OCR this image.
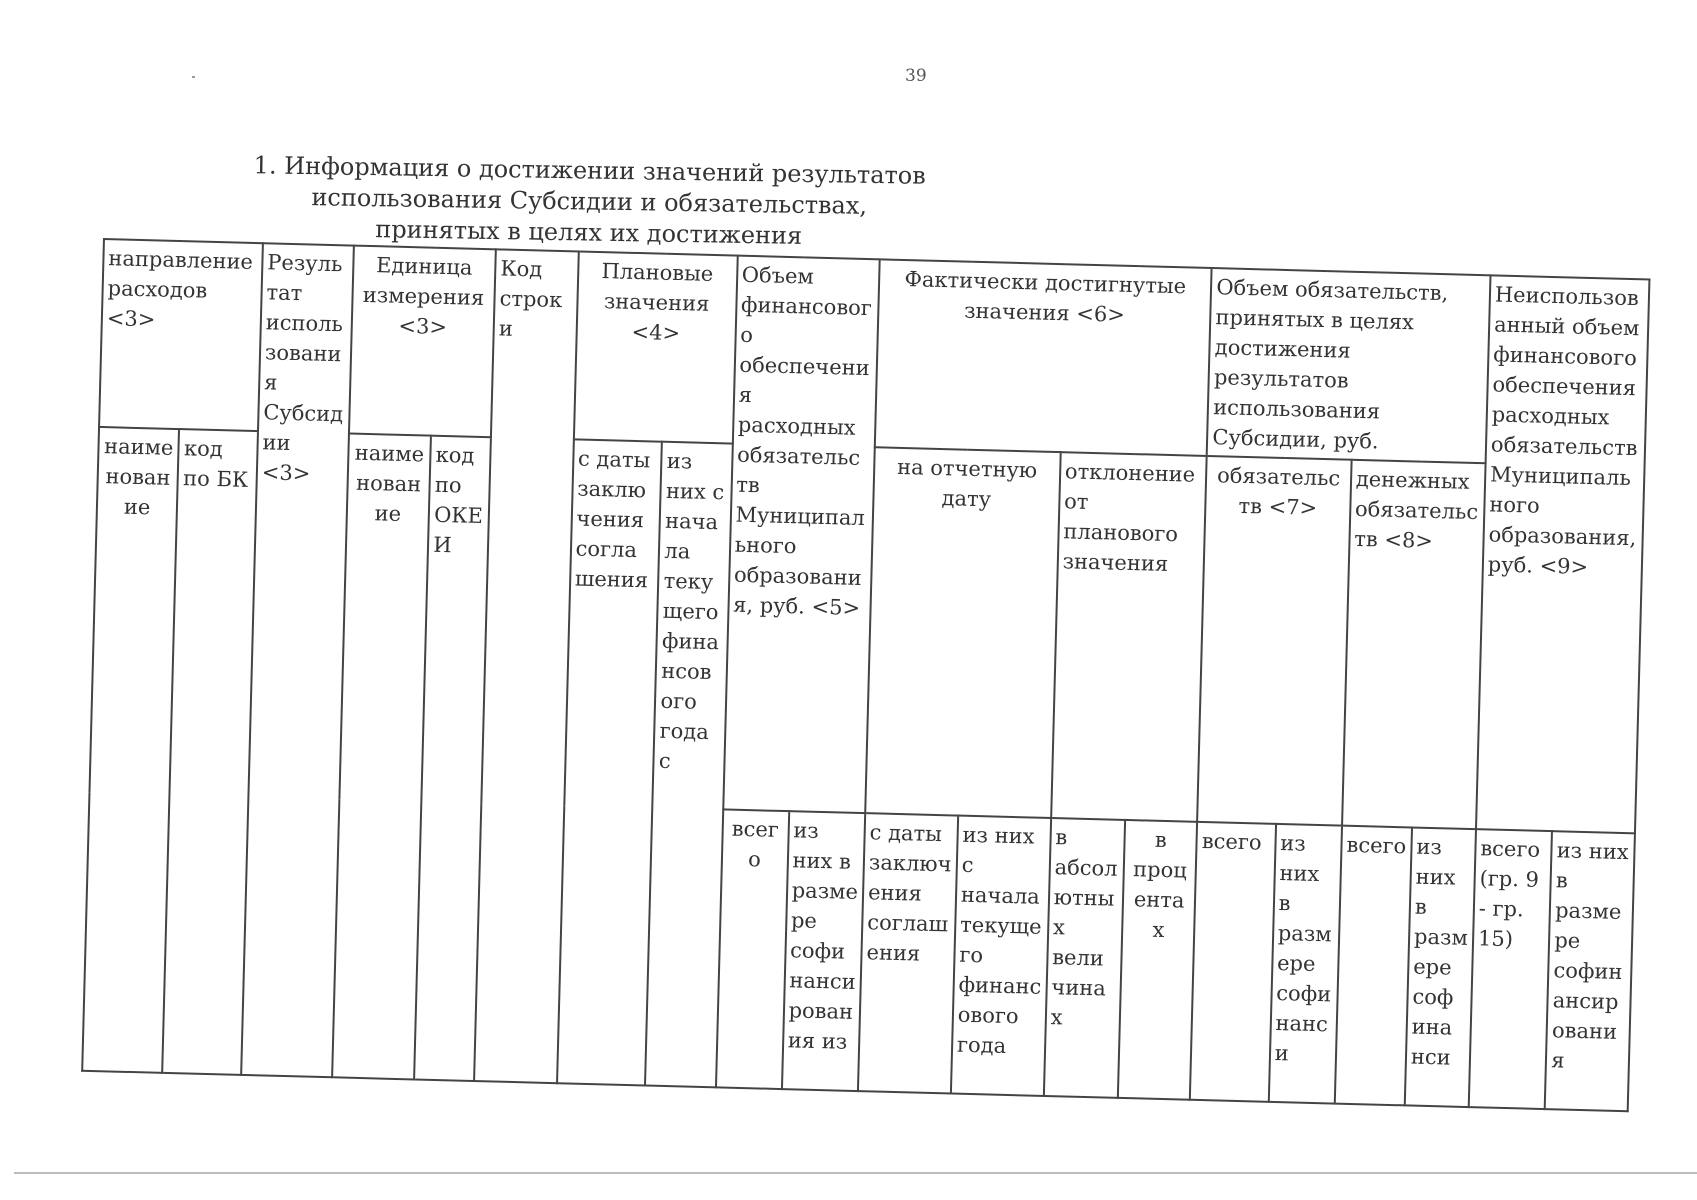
39
1. Информация о достижении значений результатов
использования Субсидии и обязательствах,
принятых в целях их достижения
направление расходов <3>		Результат использования Субсидии <3>	Единица измерения <3>		Код строки	Плановые значения <4>		Объем финансового обеспечения расходных обязательств Муниципального образования, руб. <5>		Фактически достигнутые значения <6>				Объем обязательств, принятых в целях достижения результатов использования Субсидии, руб.				Неиспользованный объем финансового обеспечения расходных обязательств Муниципального образования, руб. <9>	
наименование	код по БК		наименование	код по ОКЕИ		с даты заключения соглашения	из них с начала текущего финансового года с			на отчетную дату		отклонение от планового значения		обязательств <7>		денежных обязательств <8>			
								всего	из них в размере софинансирования из	с даты заключения соглашения	из них с начала текущего финансового года	в абсолютных величинах	в процентах	всего	из них в размере софинанси	всего	из них в размере софинанси	всего (гр. 9 - гр. 15)	из них в размере софинансирования
